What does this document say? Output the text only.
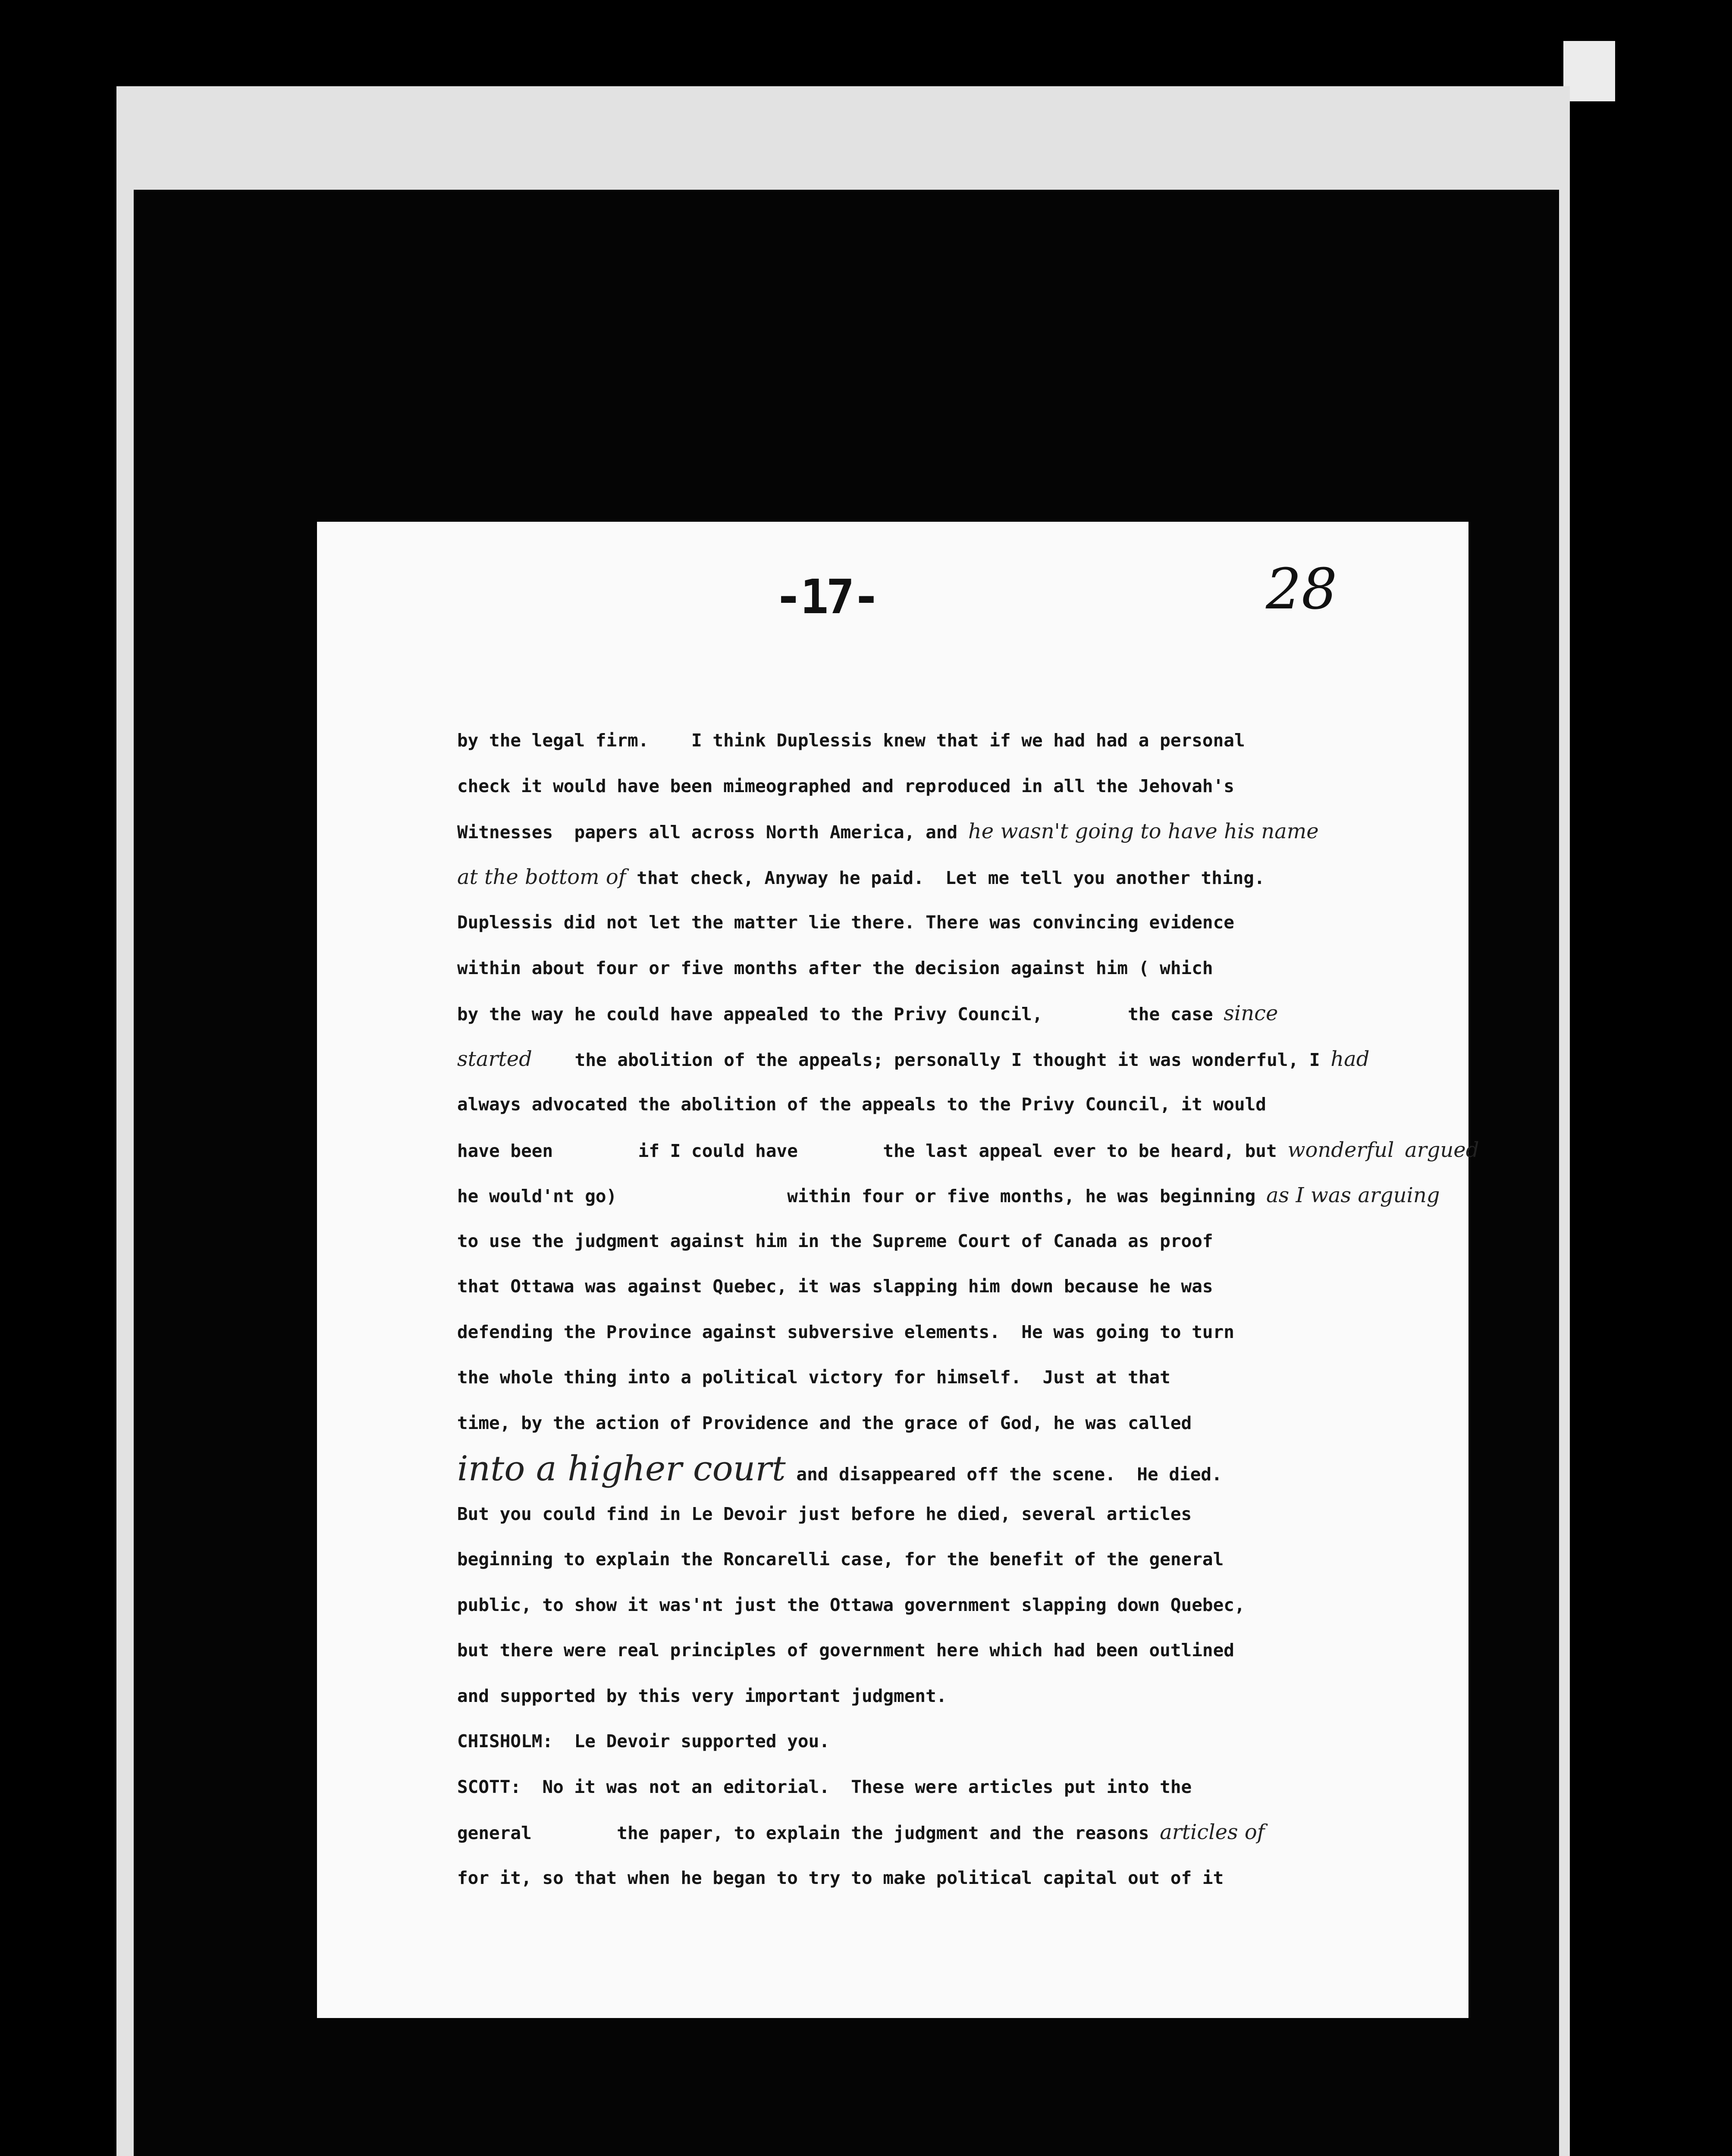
-17-	28
by the legal firm.    I think Duplessis knew that if we had had a personal
check it would have been mimeographed and reproduced in all the Jehovah's
Witnesses  papers all across North America, and he wasn't going to have his name
at the bottom of that check, Anyway he paid.  Let me tell you another thing.
Duplessis did not let the matter lie there. There was convincing evidence
within about four or five months after the decision against him ( which
by the way he could have appealed to the Privy Council,        the case since
started    the abolition of the appeals; personally I thought it was wonderful, I had
always advocated the abolition of the appeals to the Privy Council, it would
have been        if I could have        the last appeal ever to be heard, but wonderful argued
he would'nt go)                within four or five months, he was beginning as I was arguing
to use the judgment against him in the Supreme Court of Canada as proof
that Ottawa was against Quebec, it was slapping him down because he was
defending the Province against subversive elements.  He was going to turn
the whole thing into a political victory for himself.  Just at that
time, by the action of Providence and the grace of God, he was called
into a higher court and disappeared off the scene.  He died.
But you could find in Le Devoir just before he died, several articles
beginning to explain the Roncarelli case, for the benefit of the general
public, to show it was'nt just the Ottawa government slapping down Quebec,
but there were real principles of government here which had been outlined
and supported by this very important judgment.
CHISHOLM:  Le Devoir supported you.
SCOTT:  No it was not an editorial.  These were articles put into the
general        the paper, to explain the judgment and the reasons articles of
for it, so that when he began to try to make political capital out of it
